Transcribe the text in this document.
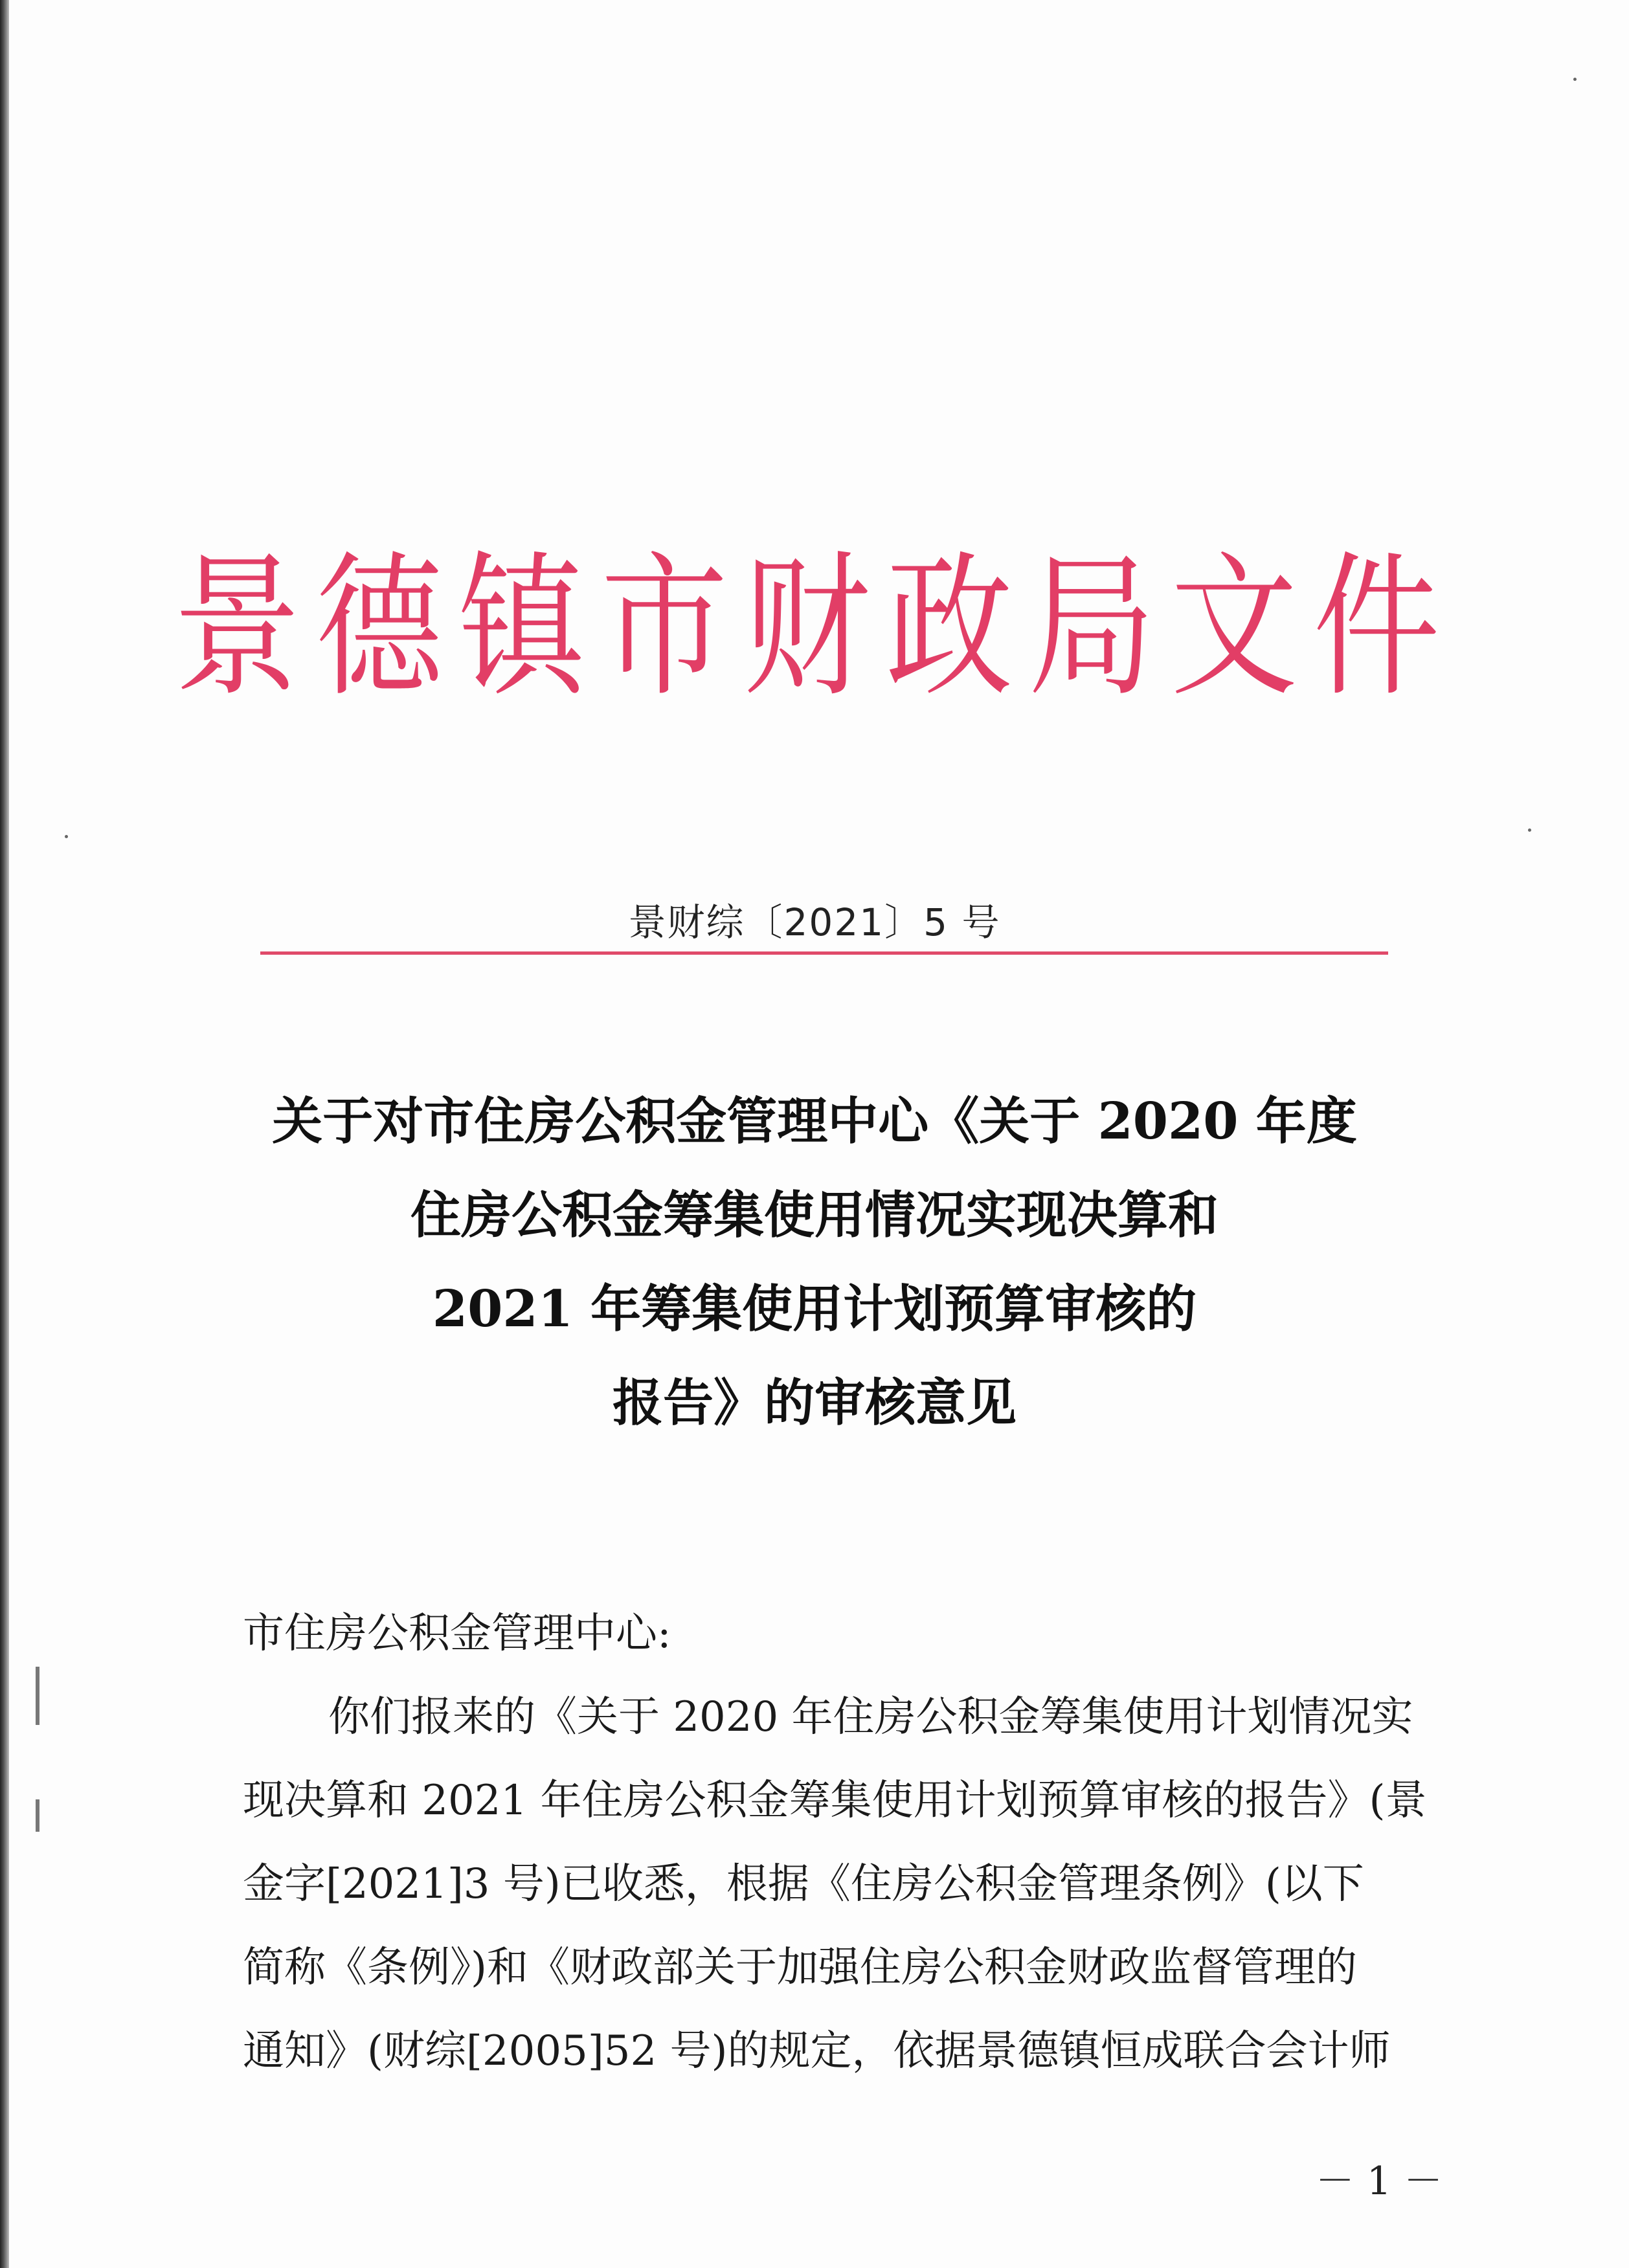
景德镇市财政局文件
景财综〔2021〕5 号
关于对市住房公积金管理中心《关于 2020 年度
住房公积金筹集使用情况实现决算和
2021 年筹集使用计划预算审核的
报告》的审核意见
市住房公积金管理中心:
你们报来的《关于 2020 年住房公积金筹集使用计划情况实
现决算和 2021 年住房公积金筹集使用计划预算审核的报告》(景
金字[2021]3 号)已收悉，根据《住房公积金管理条例》(以下
简称《条例》)和《财政部关于加强住房公积金财政监督管理的
通知》(财综[2005]52 号)的规定，依据景德镇恒成联合会计师
－ 1 －
